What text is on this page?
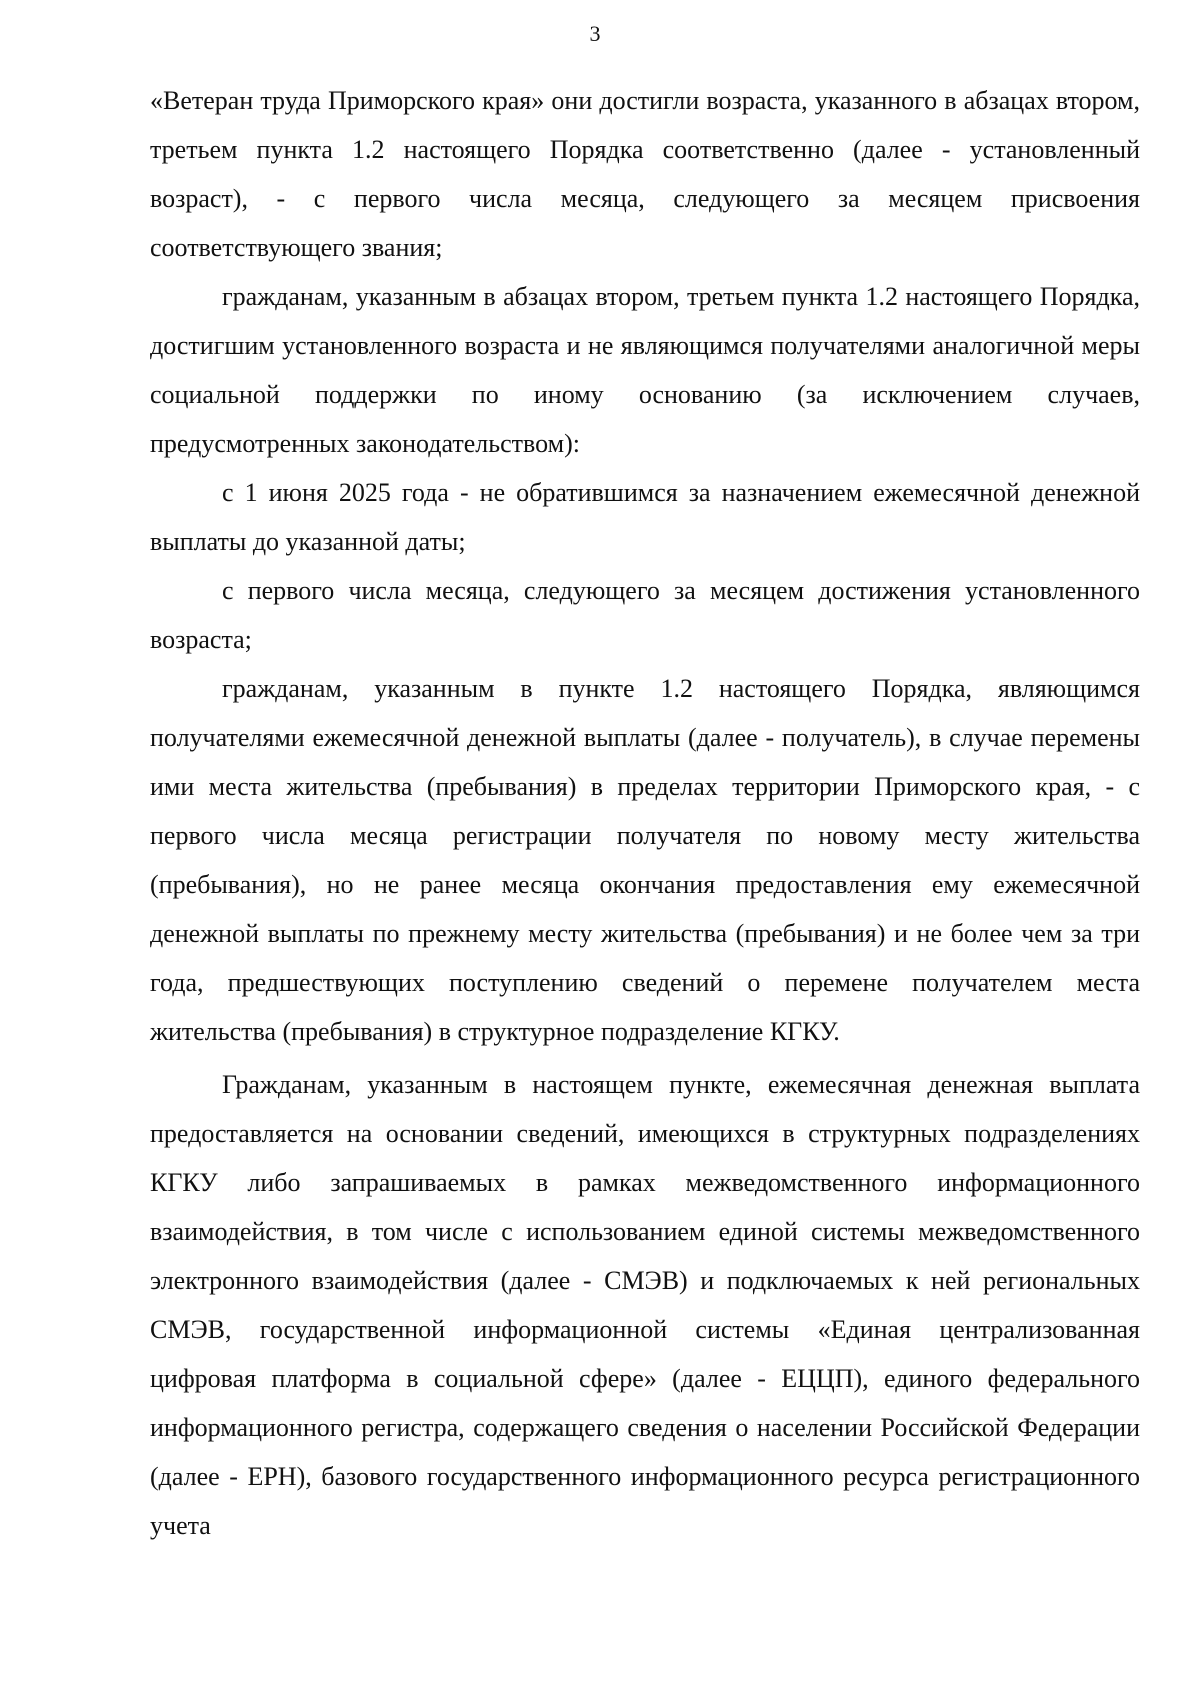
3

«Ветеран труда Приморского края» они достигли возраста, указанного в абзацах втором, третьем пункта 1.2 настоящего Порядка соответственно (далее - установленный возраст), - с первого числа месяца, следующего за месяцем присвоения соответствующего звания;

гражданам, указанным в абзацах втором, третьем пункта 1.2 настоящего Порядка, достигшим установленного возраста и не являющимся получателями аналогичной меры социальной поддержки по иному основанию (за исключением случаев, предусмотренных законодательством):

с 1 июня 2025 года - не обратившимся за назначением ежемесячной денежной выплаты до указанной даты;

с первого числа месяца, следующего за месяцем достижения установленного возраста;

гражданам, указанным в пункте 1.2 настоящего Порядка, являющимся получателями ежемесячной денежной выплаты (далее - получатель), в случае перемены ими места жительства (пребывания) в пределах территории Приморского края, - с первого числа месяца регистрации получателя по новому месту жительства (пребывания), но не ранее месяца окончания предоставления ему ежемесячной денежной выплаты по прежнему месту жительства (пребывания) и не более чем за три года, предшествующих поступлению сведений о перемене получателем места жительства (пребывания) в структурное подразделение КГКУ.

Гражданам, указанным в настоящем пункте, ежемесячная денежная выплата предоставляется на основании сведений, имеющихся в структурных подразделениях КГКУ либо запрашиваемых в рамках межведомственного информационного взаимодействия, в том числе с использованием единой системы межведомственного электронного взаимодействия (далее - СМЭВ) и подключаемых к ней региональных СМЭВ, государственной информационной системы «Единая централизованная цифровая платформа в социальной сфере» (далее - ЕЦЦП), единого федерального информационного регистра, содержащего сведения о населении Российской Федерации (далее - ЕРН), базового государственного информационного ресурса регистрационного учета
